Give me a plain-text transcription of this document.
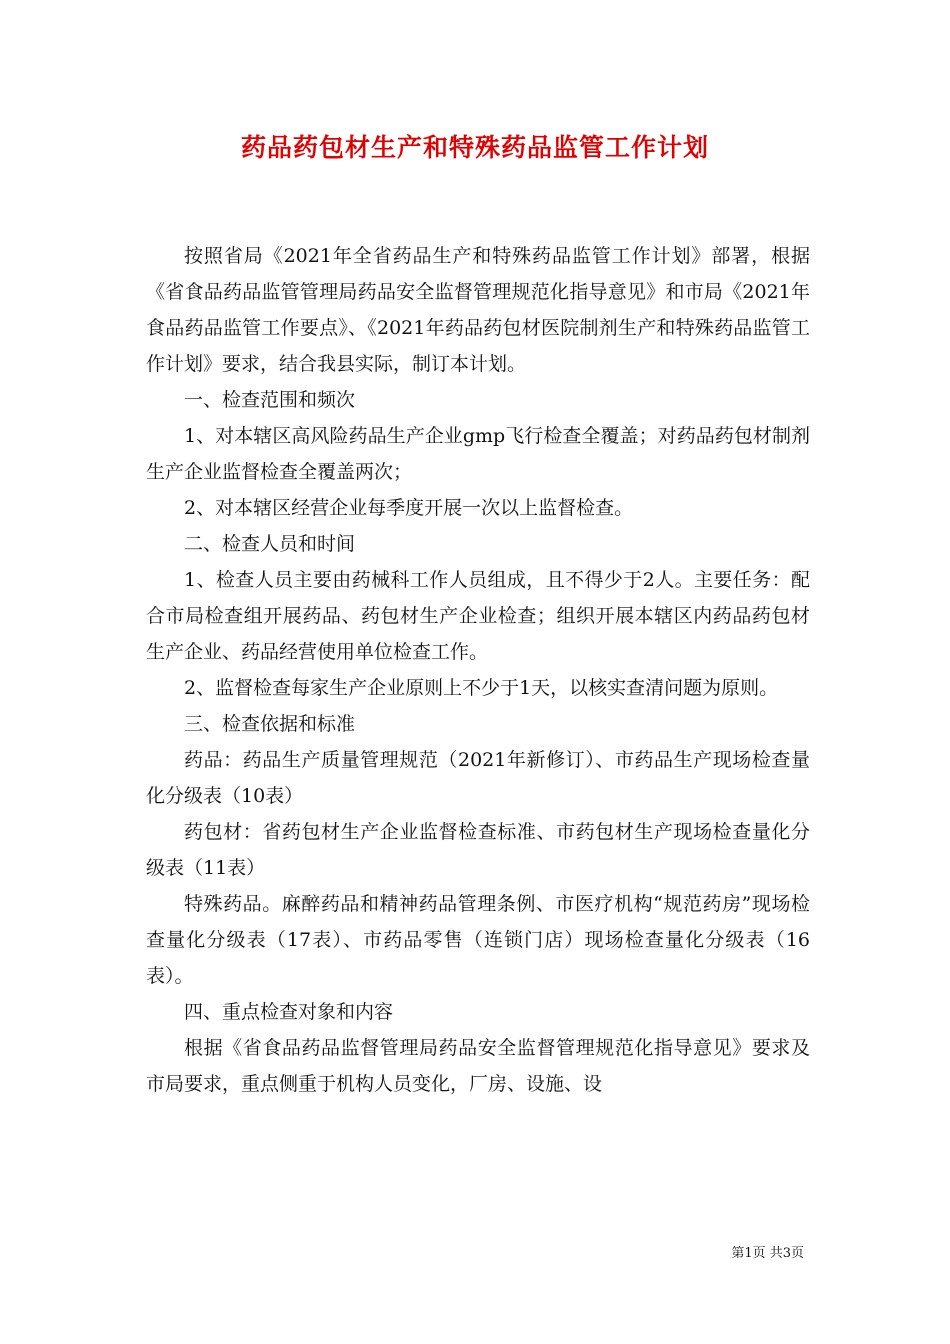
药品药包材生产和特殊药品监管工作计划

按照省局《2021年全省药品生产和特殊药品监管工作计划》部署，根据《省食品药品监管管理局药品安全监督管理规范化指导意见》和市局《2021年食品药品监管工作要点》、《2021年药品药包材医院制剂生产和特殊药品监管工作计划》要求，结合我县实际，制订本计划。

一、检查范围和频次

1、对本辖区高风险药品生产企业gmp飞行检查全覆盖；对药品药包材制剂生产企业监督检查全覆盖两次；

2、对本辖区经营企业每季度开展一次以上监督检查。

二、检查人员和时间

1、检查人员主要由药械科工作人员组成，且不得少于2人。主要任务：配合市局检查组开展药品、药包材生产企业检查；组织开展本辖区内药品药包材生产企业、药品经营使用单位检查工作。

2、监督检查每家生产企业原则上不少于1天，以核实查清问题为原则。

三、检查依据和标准

药品：药品生产质量管理规范（2021年新修订）、市药品生产现场检查量化分级表（10表）

药包材：省药包材生产企业监督检查标准、市药包材生产现场检查量化分级表（11表）

特殊药品。麻醉药品和精神药品管理条例、市医疗机构“规范药房”现场检查量化分级表（17表）、市药品零售（连锁门店）现场检查量化分级表（16表）。

四、重点检查对象和内容

根据《省食品药品监督管理局药品安全监督管理规范化指导意见》要求及市局要求，重点侧重于机构人员变化，厂房、设施、设

第1页 共3页
